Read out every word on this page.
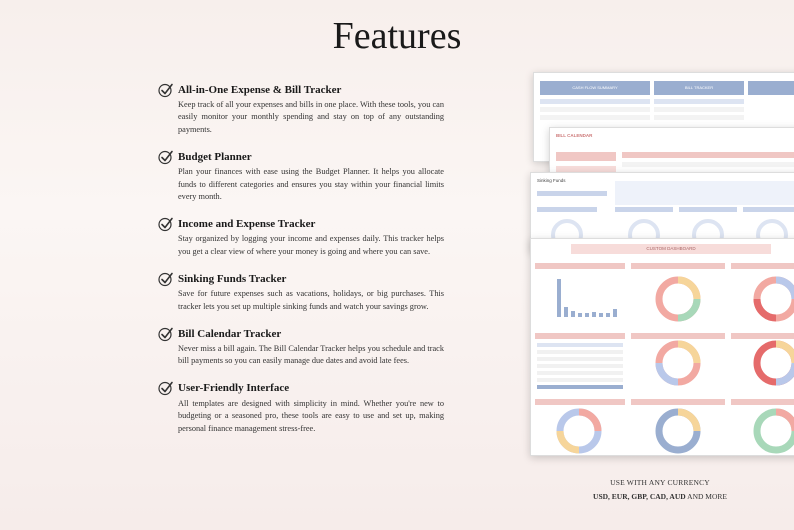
Features
All-in-One Expense & Bill Tracker
Keep track of all your expenses and bills in one place. With these tools, you can easily monitor your monthly spending and stay on top of any outstanding payments.
Budget Planner
Plan your finances with ease using the Budget Planner. It helps you allocate funds to different categories and ensures you stay within your financial limits every month.
Income and Expense Tracker
Stay organized by logging your income and expenses daily. This tracker helps you get a clear view of where your money is going and where you can save.
Sinking Funds Tracker
Save for future expenses such as vacations, holidays, or big purchases. This tracker lets you set up multiple sinking funds and watch your savings grow.
Bill Calendar Tracker
Never miss a bill again. The Bill Calendar Tracker helps you schedule and track bill payments so you can easily manage due dates and avoid late fees.
User-Friendly Interface
All templates are designed with simplicity in mind. Whether you're new to budgeting or a seasoned pro, these tools are easy to use and set up, making personal finance management stress-free.
CASH FLOW SUMMARY	BILL TRACKER
BILL CALENDAR
Sinking Funds
CUSTOM DASHBOARD
USE WITH ANY CURRENCY
USD, EUR, GBP, CAD, AUD AND MORE
